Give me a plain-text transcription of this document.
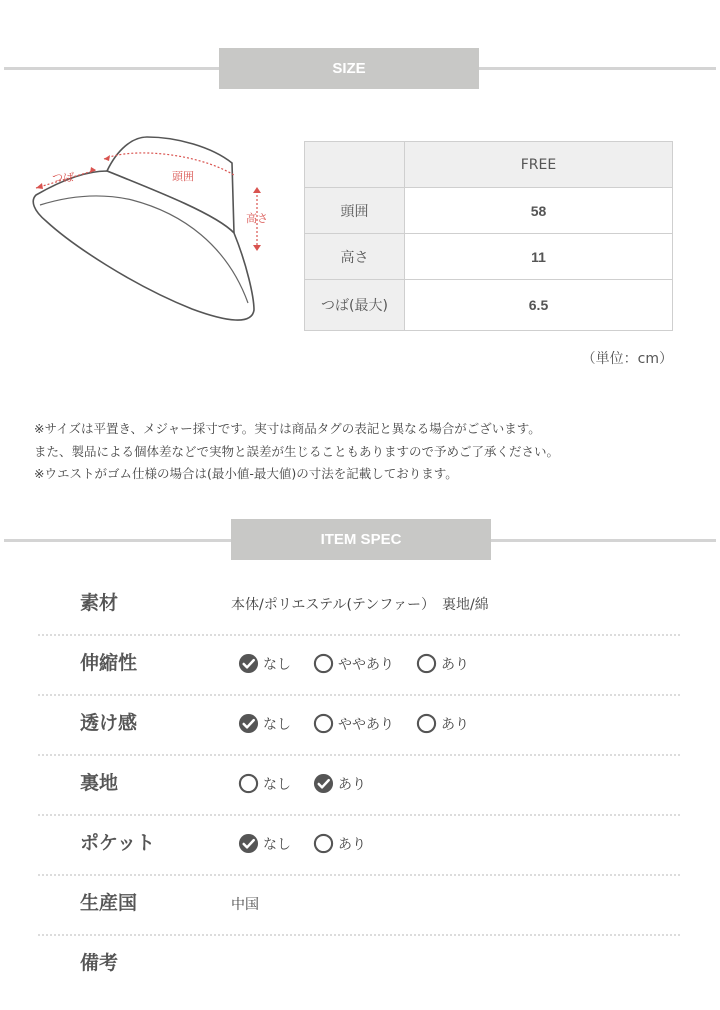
SIZE
つば	頭囲
高さ
	FREE
頭囲	58
高さ	11
つば(最大)	6.5
（単位：cm）
※サイズは平置き、メジャー採寸です。実寸は商品タグの表記と異なる場合がございます。
また、製品による個体差などで実物と誤差が生じることもありますので予めご了承ください。
※ウエストがゴム仕様の場合は(最小値-最大値)の寸法を記載しております。
ITEM SPEC
素材	本体/ポリエステル(テンファー）　裏地/綿
伸縮性	なし	ややあり	あり
透け感	なし	ややあり	あり
裏地	なし	あり
ポケット	なし	あり
生産国	中国
備考
